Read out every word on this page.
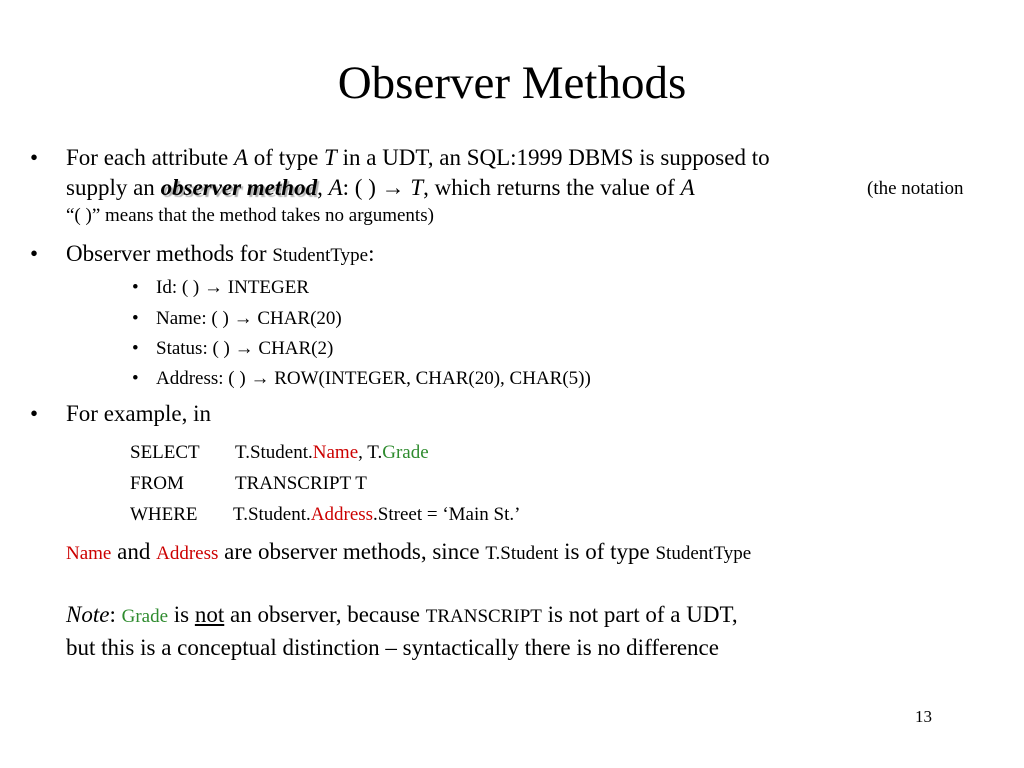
Observer Methods
• For each attribute A of type T in a UDT, an SQL:1999 DBMS is supposed to
supply an observer method, A: ( ) → T, which returns the value of A	(the notation
“( )” means that the method takes no arguments)
• Observer methods for StudentType:
• Id: ( ) → INTEGER
• Name: ( ) → CHAR(20)
• Status: ( ) → CHAR(2)
• Address: ( ) → ROW(INTEGER, CHAR(20), CHAR(5))
• For example, in
SELECT T.Student.Name, T.Grade
FROM	TRANSCRIPT T
WHERE T.Student.Address.Street = ‘Main St.’
Name and Address are observer methods, since T.Student is of type StudentType
Note: Grade is not an observer, because TRANSCRIPT is not part of a UDT,
but this is a conceptual distinction – syntactically there is no difference
13
